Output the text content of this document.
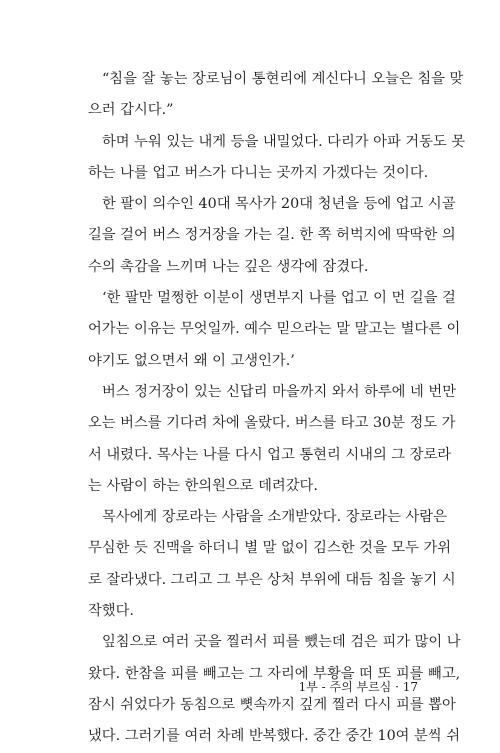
“침을 잘 놓는 장로님이 통현리에 계신다니 오늘은 침을 맞
으러 갑시다.”
하며 누워 있는 내게 등을 내밀었다. 다리가 아파 거동도 못
하는 나를 업고 버스가 다니는 곳까지 가겠다는 것이다.
한 팔이 의수인 40대 목사가 20대 청년을 등에 업고 시골
길을 걸어 버스 정거장을 가는 길. 한 쪽 허벅지에 딱딱한 의
수의 촉감을 느끼며 나는 깊은 생각에 잠겼다.
‘한 팔만 멀쩡한 이분이 생면부지 나를 업고 이 먼 길을 걸
어가는 이유는 무엇일까. 예수 믿으라는 말 말고는 별다른 이
야기도 없으면서 왜 이 고생인가.’
버스 정거장이 있는 신답리 마을까지 와서 하루에 네 번만
오는 버스를 기다려 차에 올랐다. 버스를 타고 30분 정도 가
서 내렸다. 목사는 나를 다시 업고 통현리 시내의 그 장로라
는 사람이 하는 한의원으로 데려갔다.
목사에게 장로라는 사람을 소개받았다. 장로라는 사람은
무심한 듯 진맥을 하더니 별 말 없이 김스한 것을 모두 가위
로 잘라냈다. 그리고 그 부은 상처 부위에 대듬 침을 놓기 시
작했다.
잎침으로 여러 곳을 찔러서 피를 뺐는데 검은 피가 많이 나
왔다. 한참을 피를 빼고는 그 자리에 부황을 떠 또 피를 빼고,
잠시 쉬었다가 동침으로 뼛속까지 깊게 찔러 다시 피를 뽑아
냈다. 그러기를 여러 차례 반복했다. 중간 중간 10여 분씩 쉬
1부 - 주의 부르심 · 17
